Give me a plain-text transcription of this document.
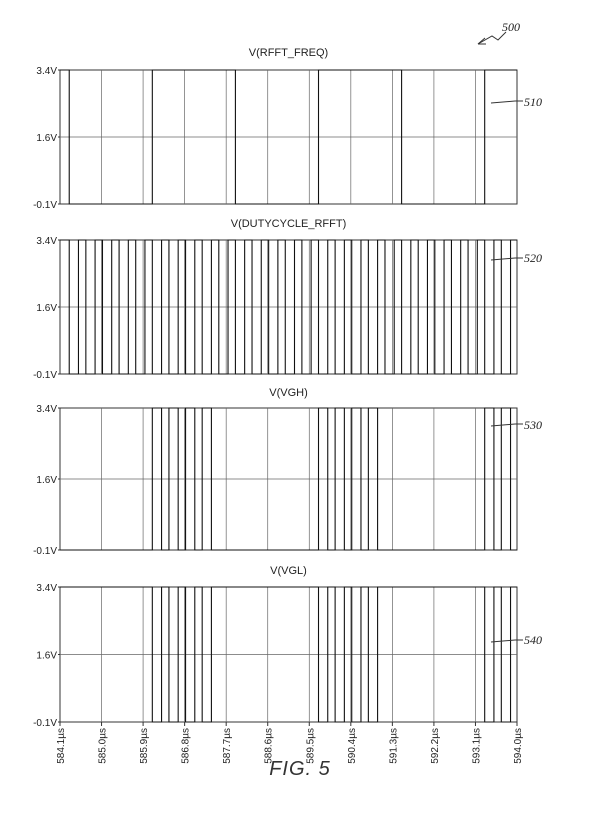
3.4V
1.6V
-0.1V
V(RFFT_FREQ)
3.4V
1.6V
-0.1V
V(DUTYCYCLE_RFFT)
3.4V
1.6V
-0.1V
V(VGH)
3.4V
1.6V
-0.1V
V(VGL)
584.1µs	585.0µs	585.9µs	586.8µs	587.7µs	588.6µs	589.5µs	590.4µs	591.3µs	592.2µs	593.1µs	594.0µs
500
510
520
530
540
FIG. 5
